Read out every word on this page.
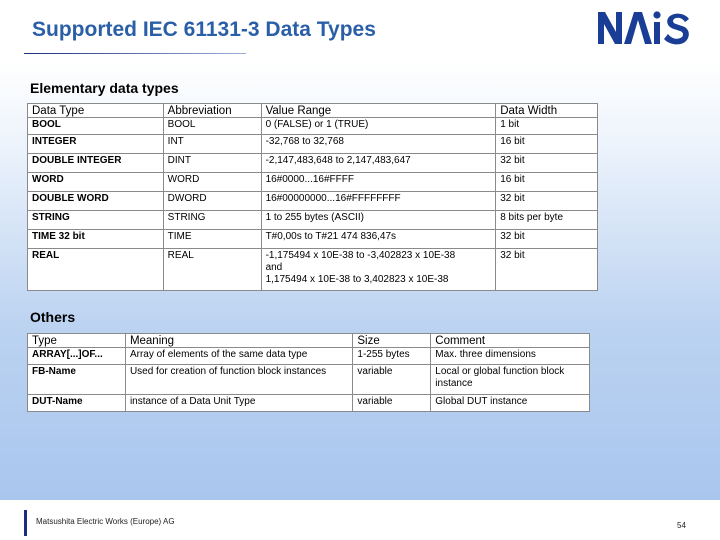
Supported IEC 61131-3 Data Types
Elementary data types
Data Type	Abbreviation	Value Range	Data Width
BOOL	BOOL	0 (FALSE) or 1 (TRUE)	1 bit
INTEGER	INT	-32,768 to 32,768	16 bit
DOUBLE INTEGER	DINT	-2,147,483,648 to 2,147,483,647	32 bit
WORD	WORD	16#0000...16#FFFF	16 bit
DOUBLE WORD	DWORD	16#00000000...16#FFFFFFFF	32 bit
STRING	STRING	1 to 255 bytes (ASCII)	8 bits per byte
TIME 32 bit	TIME	T#0,00s to T#21 474 836,47s	32 bit
REAL	REAL	-1,175494 x 10E-38 to -3,402823 x 10E-38
and
1,175494 x 10E-38 to 3,402823 x 10E-38	32 bit
Others
Type	Meaning	Size	Comment
ARRAY[...]OF...	Array of elements of the same data type	1-255 bytes	Max. three dimensions
FB-Name	Used for creation of function block instances	variable	Local or global function block instance
DUT-Name	instance of a Data Unit Type	variable	Global DUT instance
Matsushita Electric Works (Europe) AG	54
